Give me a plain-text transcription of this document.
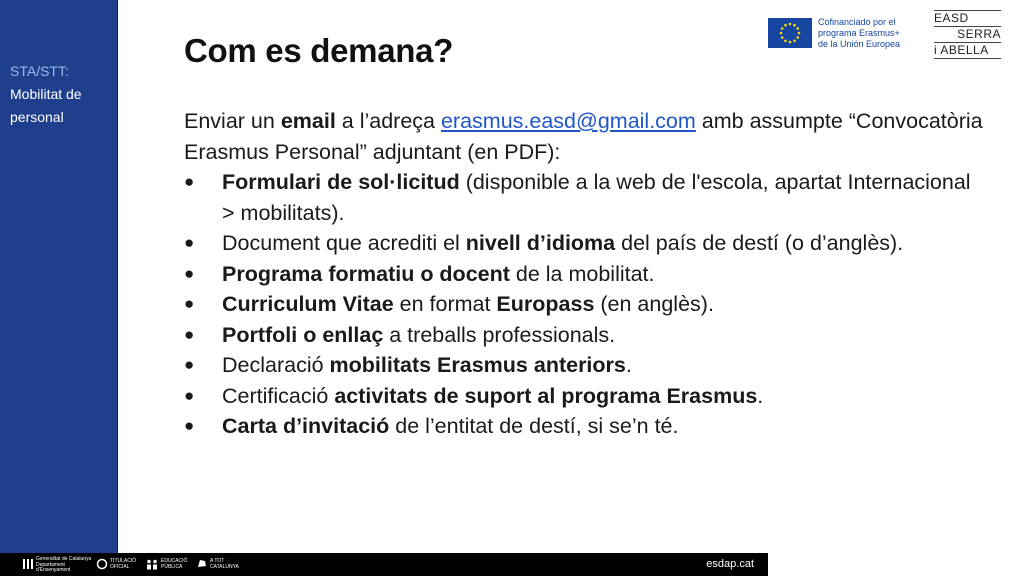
STA/STT:
Mobilitat de
personal
Com es demana?
Cofinanciado por el
programa Erasmus+
de la Unión Europea
EASD
SERRA
i ABELLA

Enviar un email a l’adreça erasmus.easd@gmail.com amb assumpte “Convocatòria Erasmus Personal” adjuntant (en PDF):

● Formulari de sol·licitud (disponible a la web de l'escola, apartat Internacional > mobilitats).
● Document que acrediti el nivell d’idioma del país de destí (o d’anglès).
● Programa formatiu o docent de la mobilitat.
● Curriculum Vitae en format Europass (en anglès).
● Portfoli o enllaç a treballs professionals.
● Declaració mobilitats Erasmus anteriors.
● Certificació activitats de suport al programa Erasmus.
● Carta d’invitació de l’entitat de destí, si se’n té.
Generalitat de Catalunya
Departament
d'Ensenyament
TITULACIÓ
OFICIAL
EDUCACIÓ
PÚBLICA
A TOT
CATALUNYA	esdap.cat
